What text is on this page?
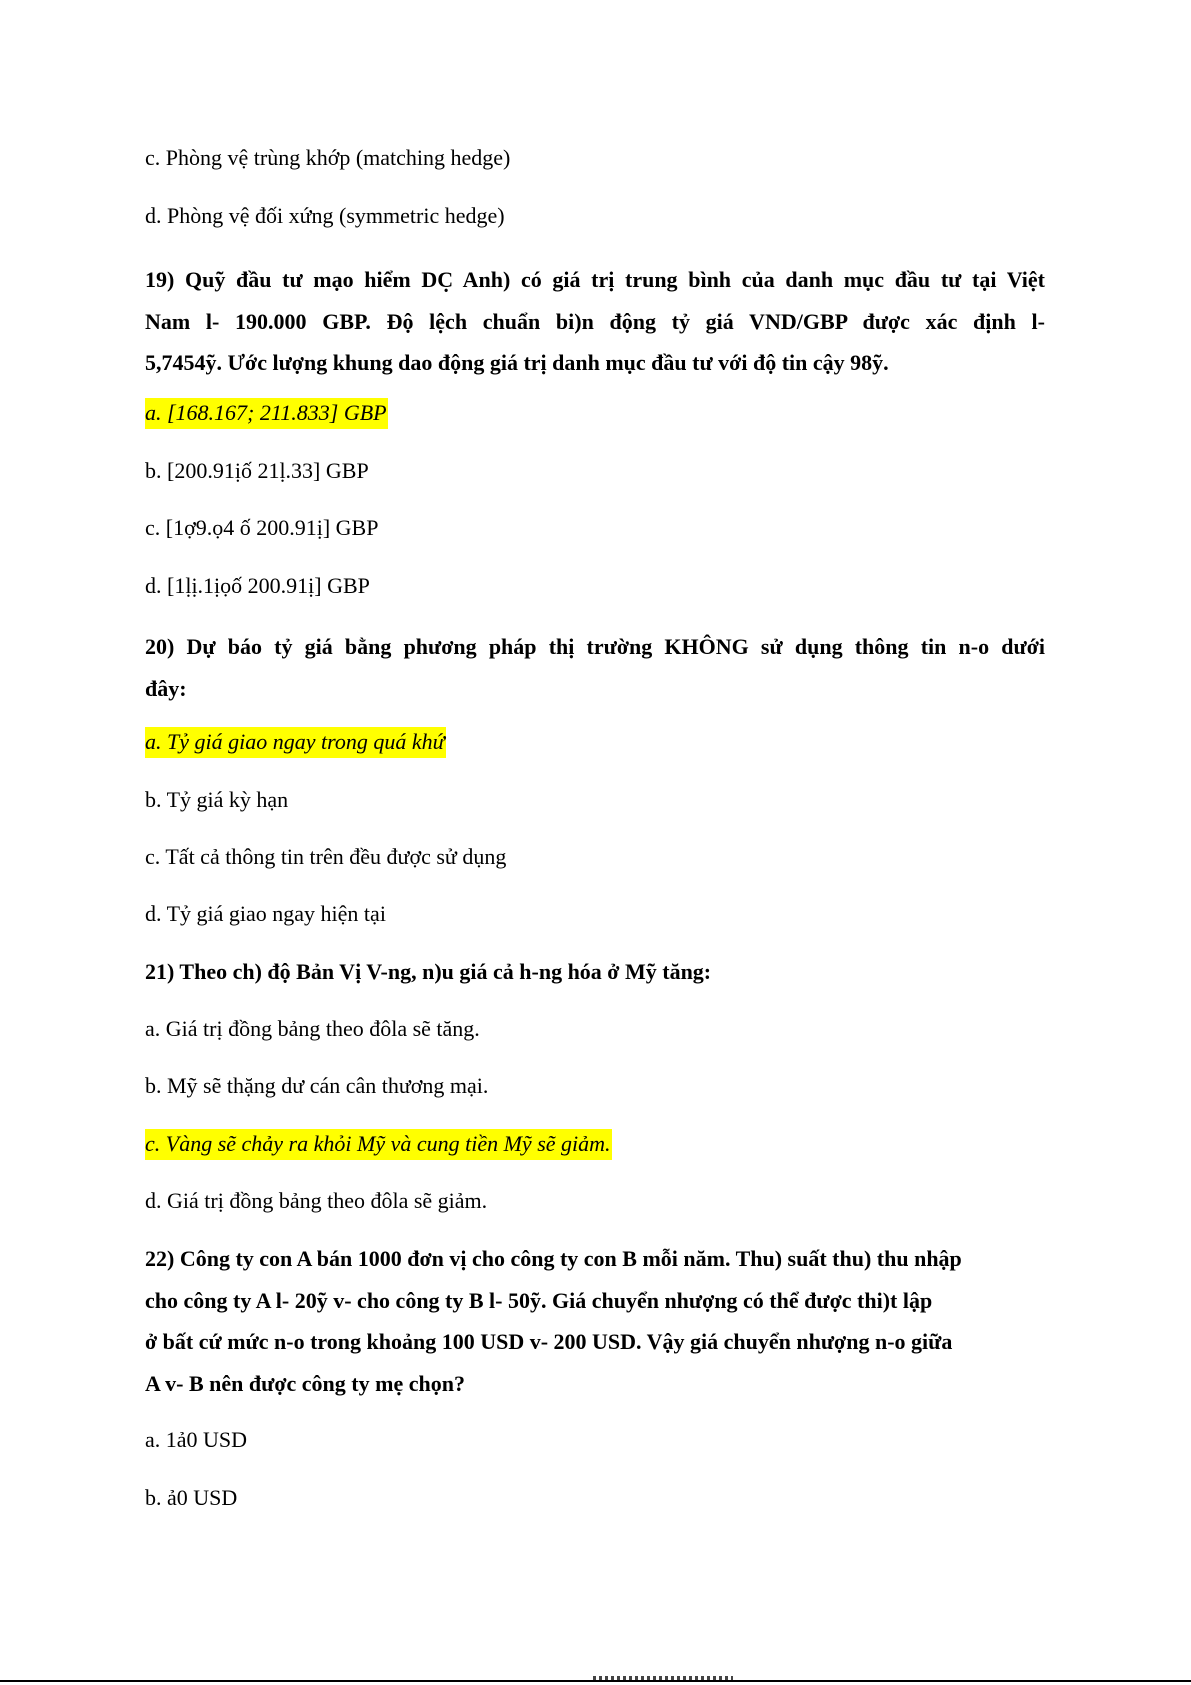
c. Phòng vệ trùng khớp (matching hedge)
d. Phòng vệ đối xứng (symmetric hedge)

19) Quỹ đầu tư mạo hiểm DC̣ Anh) có giá trị trung bình của danh mục đầu tư tại Việt

Nam l- 190.000 GBP. Độ lệch chuẩn bi)n động tỷ giá VND/GBP được xác định l-

5,7454ỹ. Ước lượng khung dao động giá trị danh mục đầu tư với độ tin cậy 98ỹ.

a. [168.167; 211.833] GBP
b. [200.91ịố 21ḷ.33] GBP
c. [1ợ9.ọ4 ố 200.91ị] GBP
d. [1ḷị.1ịọố 200.91ị] GBP

20) Dự báo tỷ giá bằng phương pháp thị trường KHÔNG sử dụng thông tin n-o dưới

đây:

a. Tỷ giá giao ngay trong quá khứ
b. Tỷ giá kỳ hạn
c. Tất cả thông tin trên đều được sử dụng
d. Tỷ giá giao ngay hiện tại
21) Theo ch) độ Bản Vị V-ng, n)u giá cả h-ng hóa ở Mỹ tăng:
a. Giá trị đồng bảng theo đôla sẽ tăng.
b. Mỹ sẽ thặng dư cán cân thương mại.
c. Vàng sẽ chảy ra khỏi Mỹ và cung tiền Mỹ sẽ giảm.
d. Giá trị đồng bảng theo đôla sẽ giảm.

22) Công ty con A bán 1000 đơn vị cho công ty con B mỗi năm. Thu) suất thu) thu nhập

cho công ty A l- 20ỹ v- cho công ty B l- 50ỹ. Giá chuyển nhượng có thể được thi)t lập

ở bất cứ mức n-o trong khoảng 100 USD v- 200 USD. Vậy giá chuyển nhượng n-o giữa

A v- B nên được công ty mẹ chọn?

a. 1ả0 USD
b. ả0 USD
